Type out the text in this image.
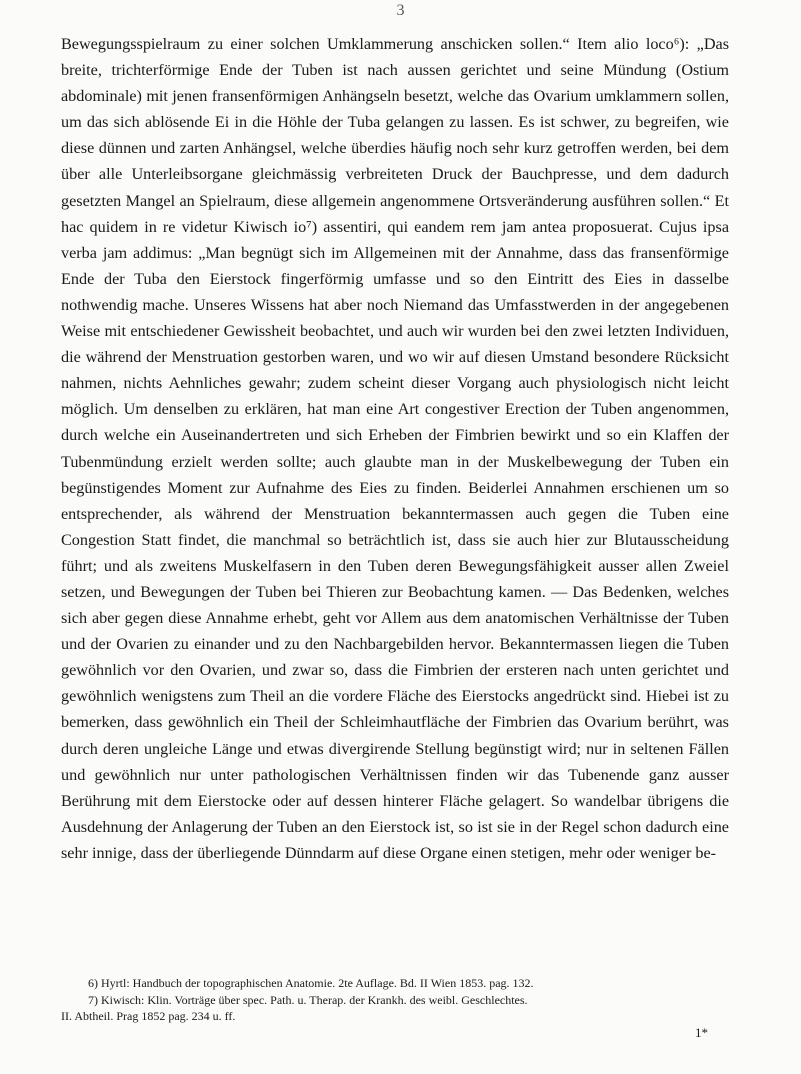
3

Bewegungsspielraum zu einer solchen Umklammerung anschicken sollen.“ Item alio loco⁶): „Das breite, trichterförmige Ende der Tuben ist nach aussen gerichtet und seine Mündung (Ostium abdominale) mit jenen fransenförmigen Anhängseln besetzt, welche das Ovarium umklammern sollen, um das sich ablösende Ei in die Höhle der Tuba gelangen zu lassen. Es ist schwer, zu begreifen, wie diese dünnen und zarten Anhängsel, welche überdies häufig noch sehr kurz getroffen werden, bei dem über alle Unterleibsorgane gleichmässig verbreiteten Druck der Bauchpresse, und dem dadurch gesetzten Mangel an Spielraum, diese allgemein angenommene Ortsveränderung ausführen sollen.“ Et hac quidem in re videtur Kiwisch io⁷) assentiri, qui eandem rem jam antea proposuerat. Cujus ipsa verba jam addimus: „Man begnügt sich im Allgemeinen mit der Annahme, dass das fransenförmige Ende der Tuba den Eierstock fingerförmig umfasse und so den Eintritt des Eies in dasselbe nothwendig mache. Unseres Wissens hat aber noch Niemand das Umfasstwerden in der angegebenen Weise mit entschiedener Gewissheit beobachtet, und auch wir wurden bei den zwei letzten Individuen, die während der Menstruation gestorben waren, und wo wir auf diesen Umstand besondere Rücksicht nahmen, nichts Aehnliches gewahr; zudem scheint dieser Vorgang auch physiologisch nicht leicht möglich. Um denselben zu erklären, hat man eine Art congestiver Erection der Tuben angenommen, durch welche ein Auseinandertreten und sich Erheben der Fimbrien bewirkt und so ein Klaffen der Tubenmündung erzielt werden sollte; auch glaubte man in der Muskelbewegung der Tuben ein begünstigendes Moment zur Aufnahme des Eies zu finden. Beiderlei Annahmen erschienen um so entsprechender, als während der Menstruation bekanntermassen auch gegen die Tuben eine Congestion Statt findet, die manchmal so beträchtlich ist, dass sie auch hier zur Blutausscheidung führt; und als zweitens Muskelfasern in den Tuben deren Bewegungsfähigkeit ausser allen Zweiel setzen, und Bewegungen der Tuben bei Thieren zur Beobachtung kamen. — Das Bedenken, welches sich aber gegen diese Annahme erhebt, geht vor Allem aus dem anatomischen Verhältnisse der Tuben und der Ovarien zu einander und zu den Nachbargebilden hervor. Bekanntermassen liegen die Tuben gewöhnlich vor den Ovarien, und zwar so, dass die Fimbrien der ersteren nach unten gerichtet und gewöhnlich wenigstens zum Theil an die vordere Fläche des Eierstocks angedrückt sind. Hiebei ist zu bemerken, dass gewöhnlich ein Theil der Schleimhautfläche der Fimbrien das Ovarium berührt, was durch deren ungleiche Länge und etwas divergirende Stellung begünstigt wird; nur in seltenen Fällen und gewöhnlich nur unter pathologischen Verhältnissen finden wir das Tubenende ganz ausser Berührung mit dem Eierstocke oder auf dessen hinterer Fläche gelagert. So wandelbar übrigens die Ausdehnung der Anlagerung der Tuben an den Eierstock ist, so ist sie in der Regel schon dadurch eine sehr innige, dass der überliegende Dünndarm auf diese Organe einen stetigen, mehr oder weniger be-

6) Hyrtl: Handbuch der topographischen Anatomie. 2te Auflage. Bd. II Wien 1853. pag. 132.

7) Kiwisch: Klin. Vorträge über spec. Path. u. Therap. der Krankh. des weibl. Geschlechtes.

II. Abtheil. Prag 1852 pag. 234 u. ff.

1*
